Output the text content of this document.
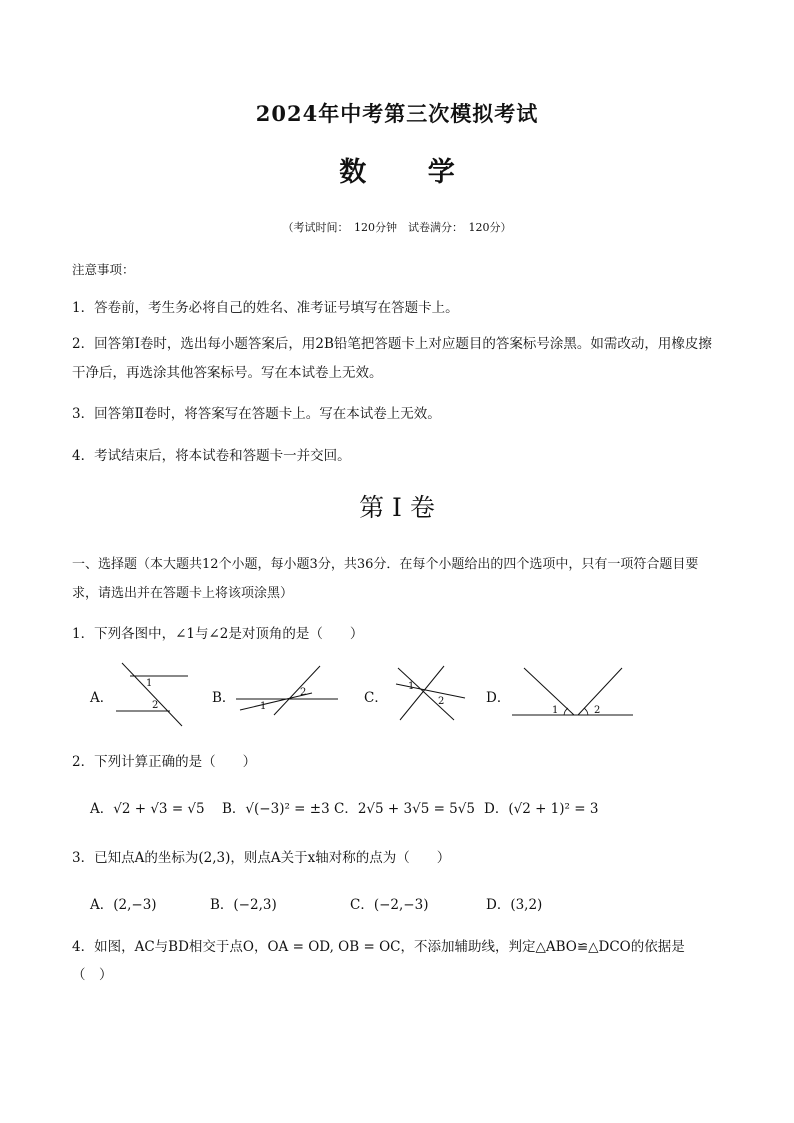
2024年中考第三次模拟考试
数 学
（考试时间：　120分钟　试卷满分：　120分）
注意事项：
1．答卷前，考生务必将自己的姓名、准考证号填写在答题卡上。
2．回答第Ⅰ卷时，选出每小题答案后，用2B铅笔把答题卡上对应题目的答案标号涂黑。如需改动，用橡皮擦干净后，再选涂其他答案标号。写在本试卷上无效。
3．回答第Ⅱ卷时，将答案写在答题卡上。写在本试卷上无效。
4．考试结束后，将本试卷和答题卡一并交回。
第 I 卷
一、选择题（本大题共12个小题，每小题3分，共36分．在每个小题给出的四个选项中，只有一项符合题目要求，请选出并在答题卡上将该项涂黑）
1．下列各图中，∠1与∠2是对顶角的是（　　）
A．
1
2	B．
1
2	C．
1
2	D．
1	2
2．下列计算正确的是（　　）
A．√2 + √3 = √5 B．√(−3)² = ±3 C．2√5 + 3√5 = 5√5 D．(√2 + 1)² = 3
3．已知点A的坐标为(2,3)，则点A关于x轴对称的点为（　　）
A．(2,−3)	B．(−2,3)	C．(−2,−3)	D．(3,2)
4．如图，AC与BD相交于点O，OA = OD, OB = OC，不添加辅助线，判定△ABO≌△DCO的依据是（　）
